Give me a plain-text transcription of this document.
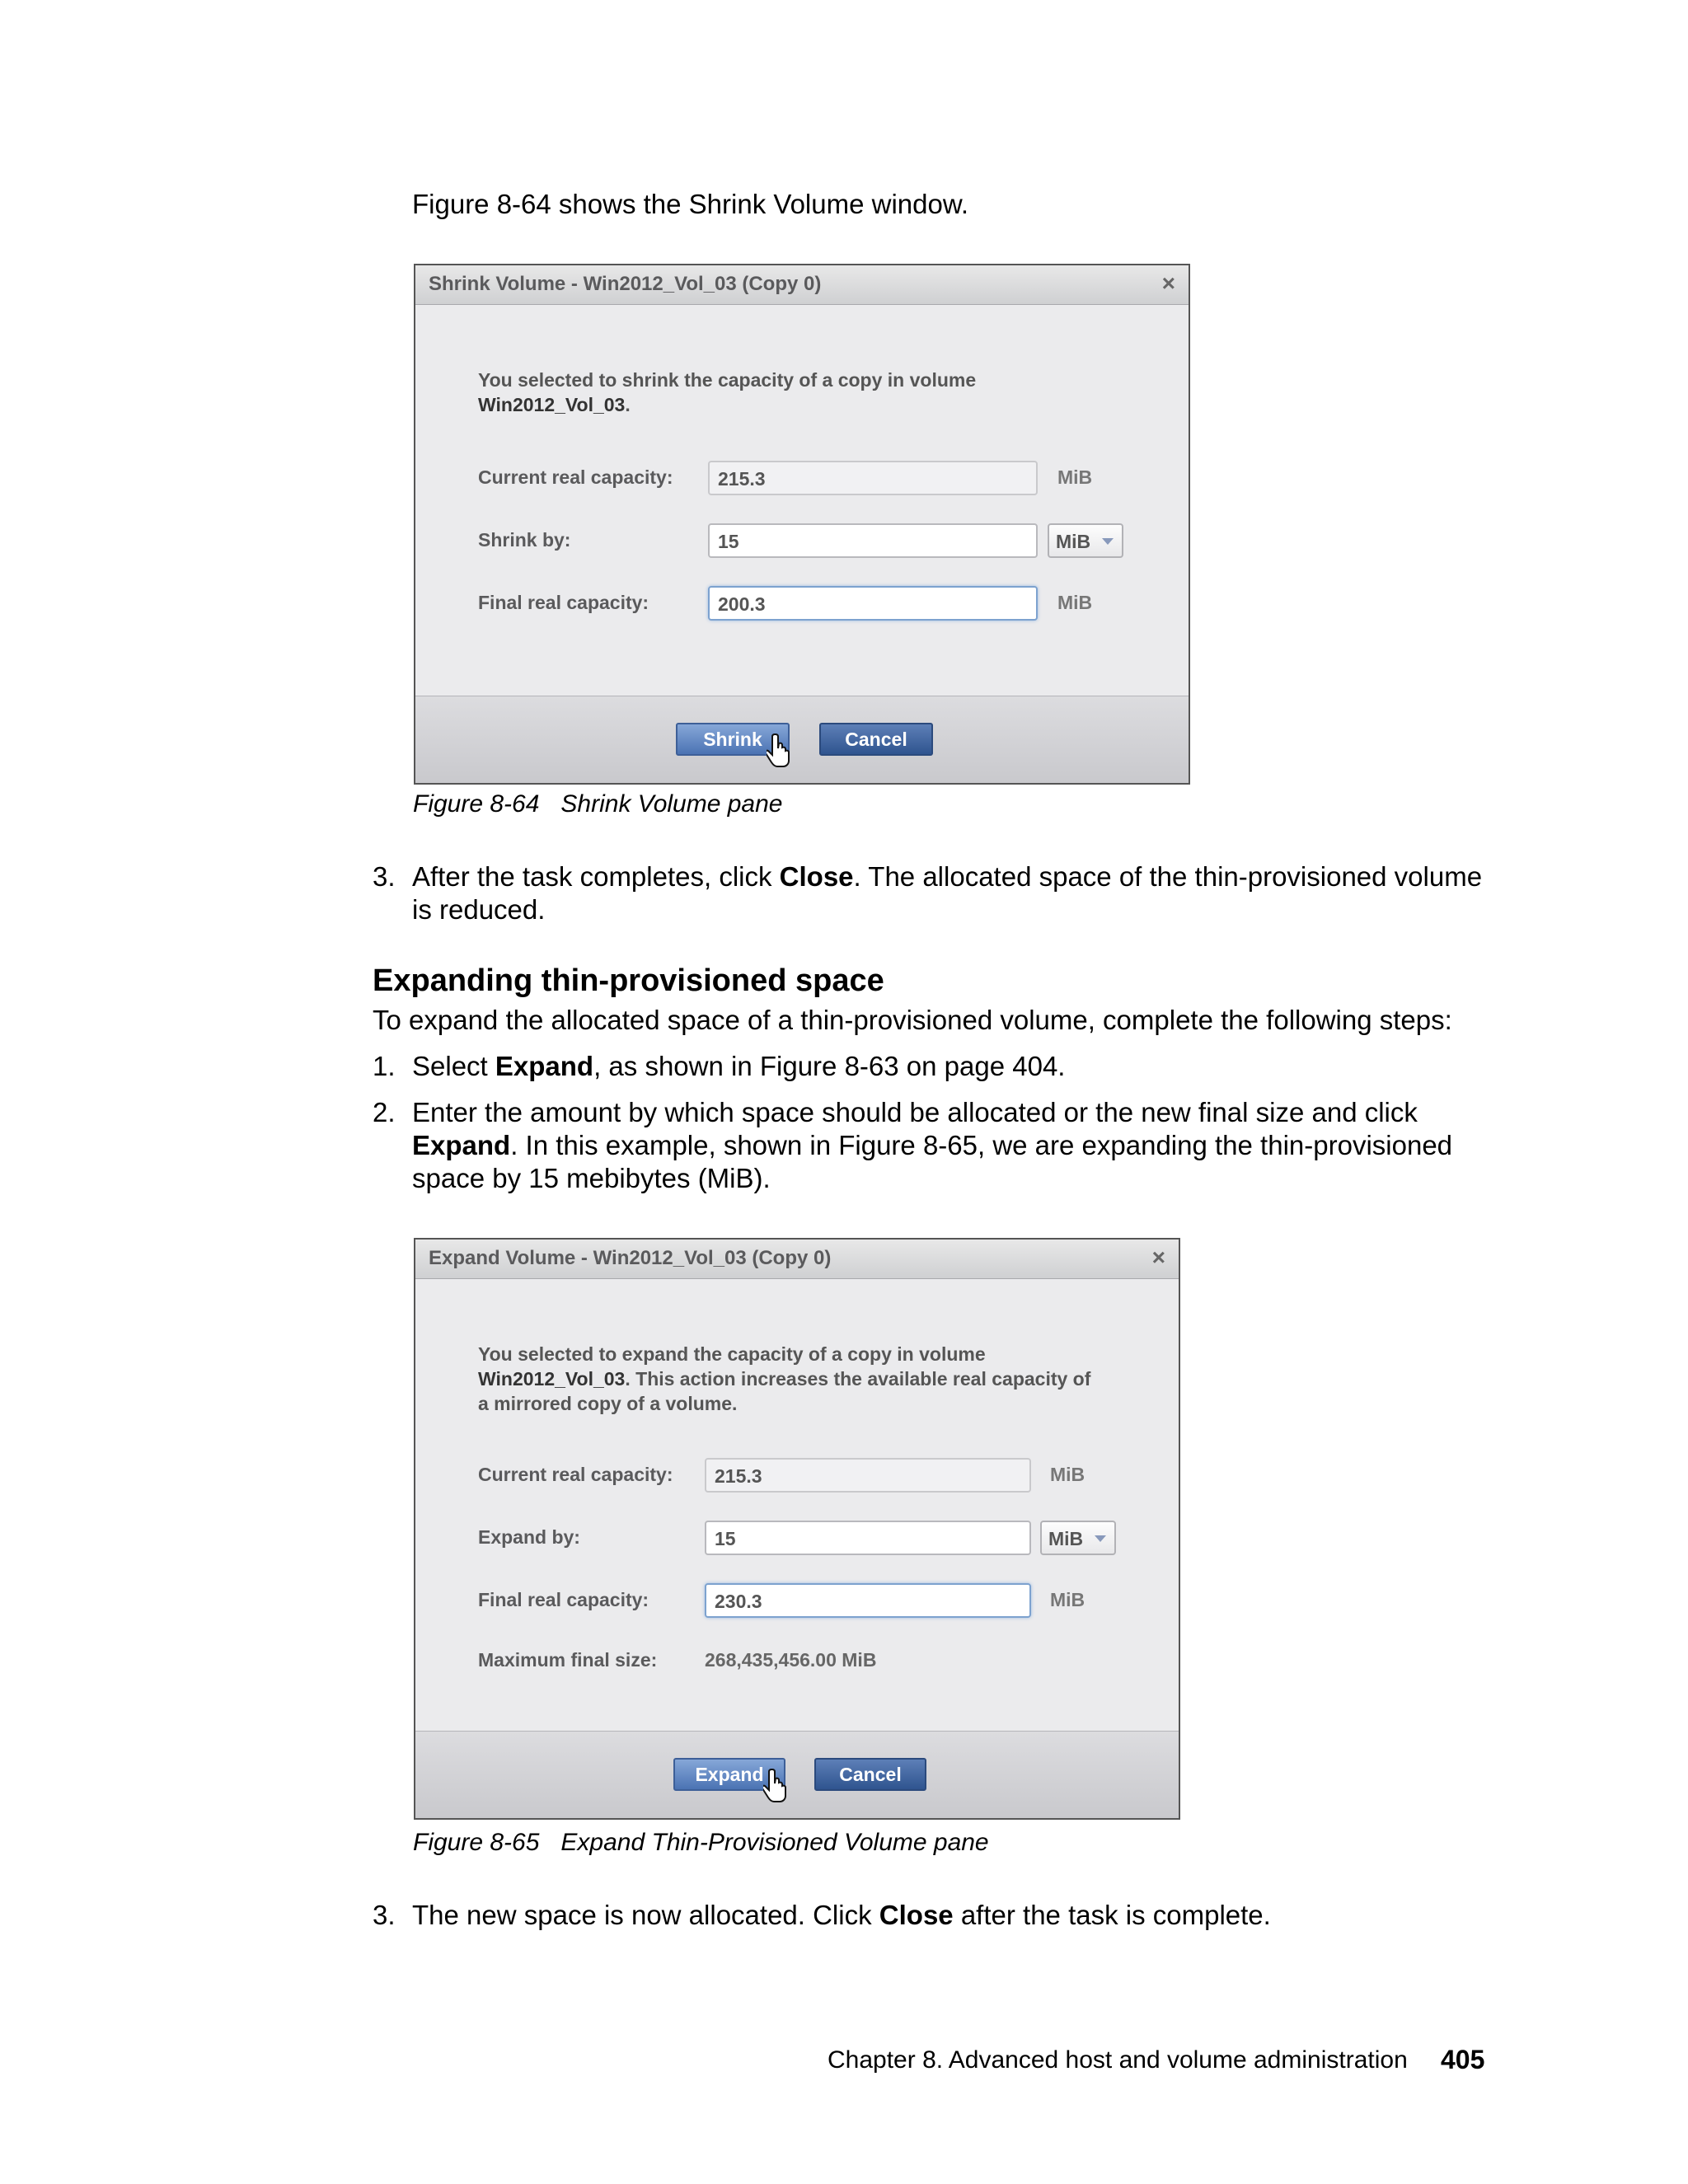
Figure 8-64 shows the Shrink Volume window.
Shrink Volume - Win2012_Vol_03 (Copy 0)	×
You selected to shrink the capacity of a copy in volume
Win2012_Vol_03.
Current real capacity:	215.3	MiB
Shrink by:	15	MiB
Final real capacity:	200.3	MiB
Shrink	Cancel
Figure 8-64 Shrink Volume pane
3. After the task completes, click Close. The allocated space of the thin-provisioned volume
is reduced.
Expanding thin-provisioned space
To expand the allocated space of a thin-provisioned volume, complete the following steps:
1. Select Expand, as shown in Figure 8-63 on page 404.
2. Enter the amount by which space should be allocated or the new final size and click
Expand. In this example, shown in Figure 8-65, we are expanding the thin-provisioned
space by 15 mebibytes (MiB).
Expand Volume - Win2012_Vol_03 (Copy 0)	×
You selected to expand the capacity of a copy in volume
Win2012_Vol_03. This action increases the available real capacity of
a mirrored copy of a volume.
Current real capacity:	215.3	MiB
Expand by:	15	MiB
Final real capacity:	230.3	MiB
Maximum final size:	268,435,456.00 MiB
Expand	Cancel
Figure 8-65 Expand Thin-Provisioned Volume pane
3. The new space is now allocated. Click Close after the task is complete.
Chapter 8. Advanced host and volume administration 405
